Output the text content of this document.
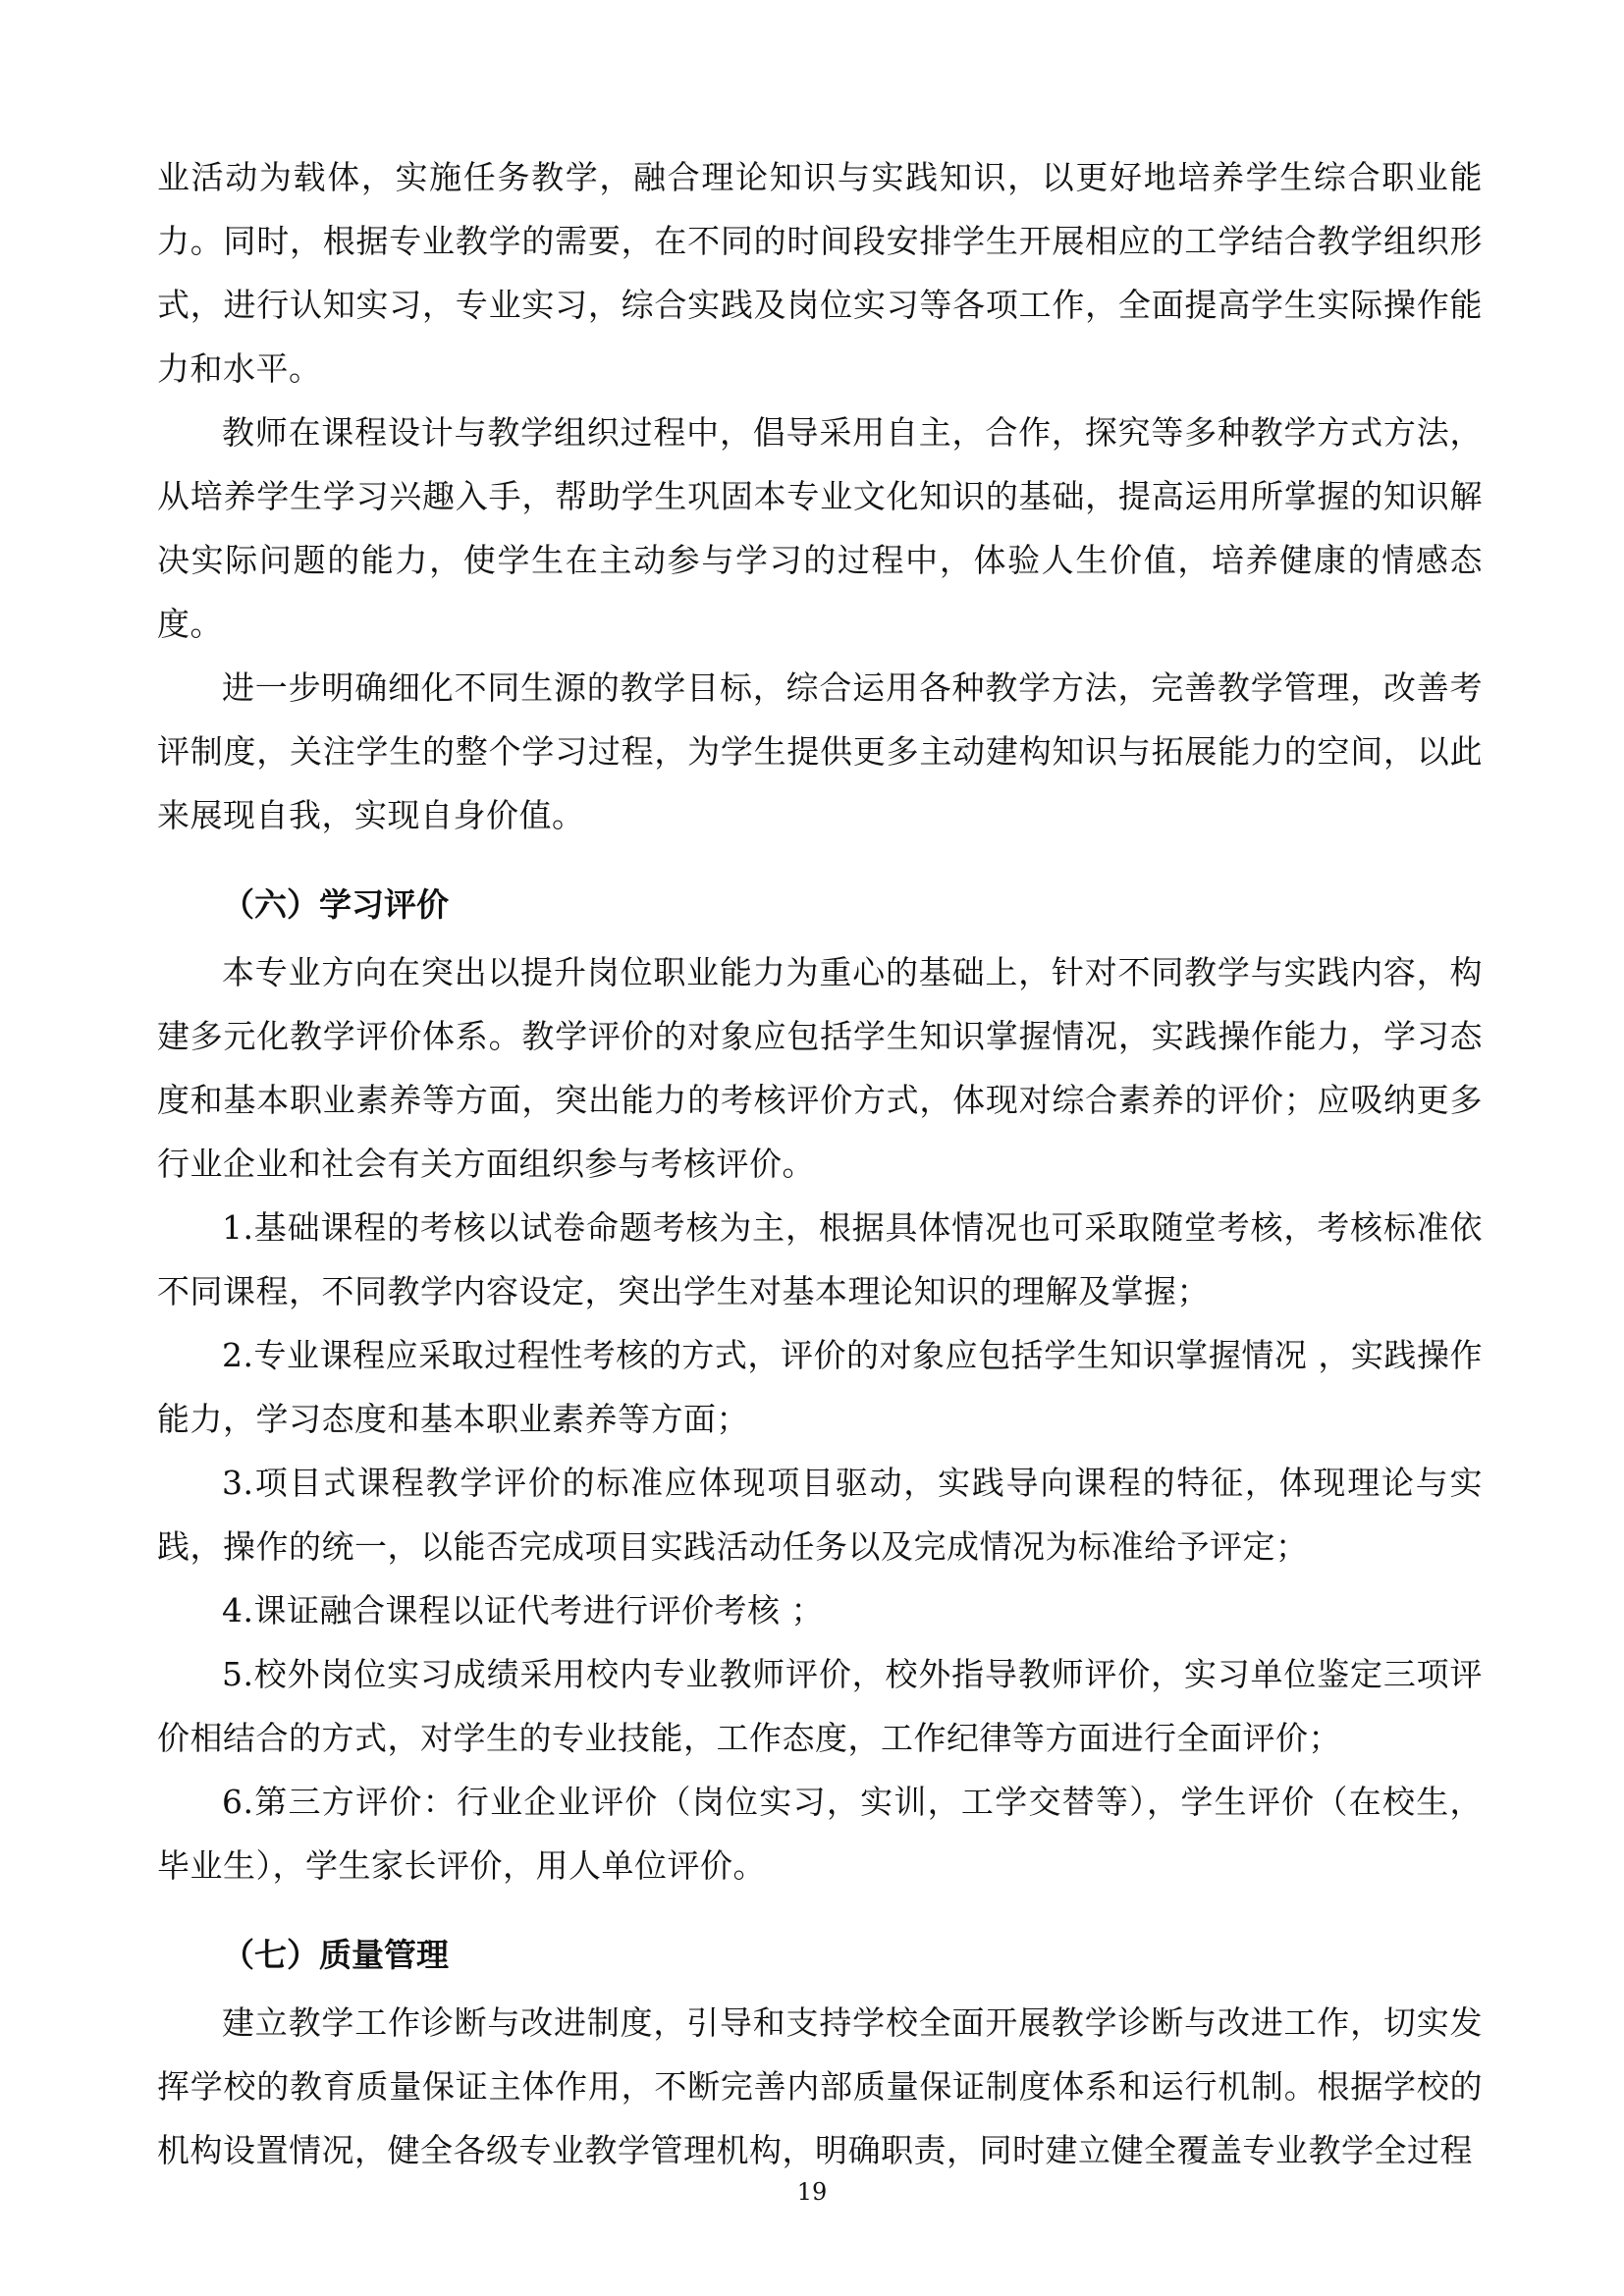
业活动为载体，实施任务教学，融合理论知识与实践知识，以更好地培养学生综合职业能力。同时，根据专业教学的需要，在不同的时间段安排学生开展相应的工学结合教学组织形式，进行认知实习，专业实习，综合实践及岗位实习等各项工作，全面提高学生实际操作能力和水平。

教师在课程设计与教学组织过程中，倡导采用自主，合作，探究等多种教学方式方法，从培养学生学习兴趣入手，帮助学生巩固本专业文化知识的基础，提高运用所掌握的知识解决实际问题的能力，使学生在主动参与学习的过程中，体验人生价值，培养健康的情感态度。

进一步明确细化不同生源的教学目标，综合运用各种教学方法，完善教学管理，改善考评制度，关注学生的整个学习过程，为学生提供更多主动建构知识与拓展能力的空间，以此来展现自我，实现自身价值。

（六）学习评价

本专业方向在突出以提升岗位职业能力为重心的基础上，针对不同教学与实践内容，构建多元化教学评价体系。教学评价的对象应包括学生知识掌握情况，实践操作能力，学习态度和基本职业素养等方面，突出能力的考核评价方式，体现对综合素养的评价；应吸纳更多行业企业和社会有关方面组织参与考核评价。

1.基础课程的考核以试卷命题考核为主，根据具体情况也可采取随堂考核，考核标准依不同课程，不同教学内容设定，突出学生对基本理论知识的理解及掌握；

2.专业课程应采取过程性考核的方式，评价的对象应包括学生知识掌握情况 ，实践操作能力，学习态度和基本职业素养等方面；

3.项目式课程教学评价的标准应体现项目驱动，实践导向课程的特征，体现理论与实践，操作的统一，以能否完成项目实践活动任务以及完成情况为标准给予评定；

4.课证融合课程以证代考进行评价考核 ；

5.校外岗位实习成绩采用校内专业教师评价，校外指导教师评价，实习单位鉴定三项评价相结合的方式，对学生的专业技能，工作态度，工作纪律等方面进行全面评价；

6.第三方评价：行业企业评价（岗位实习，实训，工学交替等），学生评价（在校生，毕业生），学生家长评价，用人单位评价。

（七）质量管理

建立教学工作诊断与改进制度，引导和支持学校全面开展教学诊断与改进工作，切实发挥学校的教育质量保证主体作用，不断完善内部质量保证制度体系和运行机制。根据学校的机构设置情况，健全各级专业教学管理机构，明确职责，同时建立健全覆盖专业教学全过程

19
